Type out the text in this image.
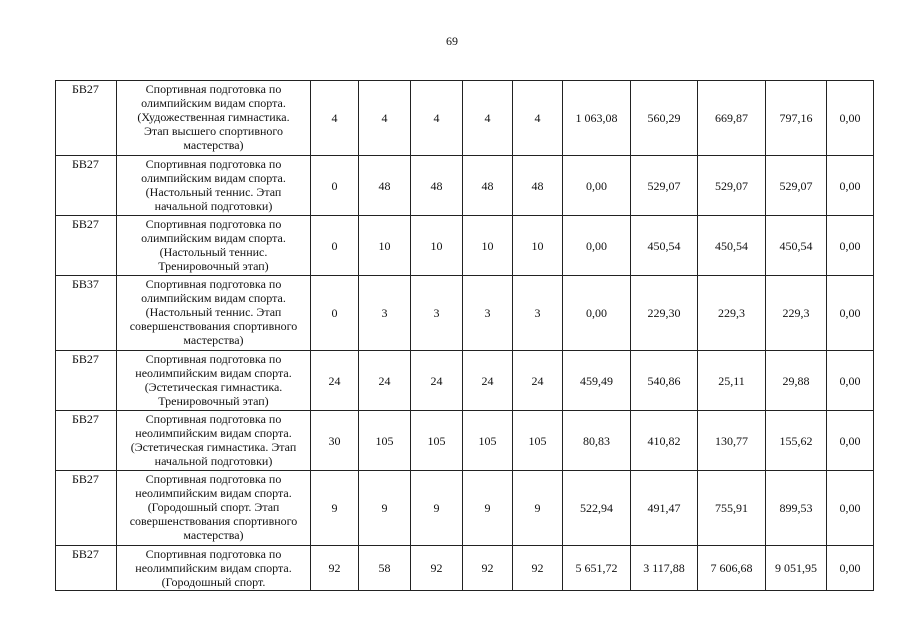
69
БВ27	Спортивная подготовка по
олимпийским видам спорта.
(Художественная гимнастика.
Этап высшего спортивного
мастерства)	4	4	4	4	4	1 063,08	560,29	669,87	797,16	0,00
БВ27	Спортивная подготовка по
олимпийским видам спорта.
(Настольный теннис. Этап
начальной подготовки)	0	48	48	48	48	0,00	529,07	529,07	529,07	0,00
БВ27	Спортивная подготовка по
олимпийским видам спорта.
(Настольный теннис.
Тренировочный этап)	0	10	10	10	10	0,00	450,54	450,54	450,54	0,00
БВ37	Спортивная подготовка по
олимпийским видам спорта.
(Настольный теннис. Этап
совершенствования спортивного
мастерства)	0	3	3	3	3	0,00	229,30	229,3	229,3	0,00
БВ27	Спортивная подготовка по
неолимпийским видам спорта.
(Эстетическая гимнастика.
Тренировочный этап)	24	24	24	24	24	459,49	540,86	25,11	29,88	0,00
БВ27	Спортивная подготовка по
неолимпийским видам спорта.
(Эстетическая гимнастика. Этап
начальной подготовки)	30	105	105	105	105	80,83	410,82	130,77	155,62	0,00
БВ27	Спортивная подготовка по
неолимпийским видам спорта.
(Городошный спорт. Этап
совершенствования спортивного
мастерства)	9	9	9	9	9	522,94	491,47	755,91	899,53	0,00
БВ27	Спортивная подготовка по
неолимпийским видам спорта.
(Городошный спорт.	92	58	92	92	92	5 651,72	3 117,88	7 606,68	9 051,95	0,00
